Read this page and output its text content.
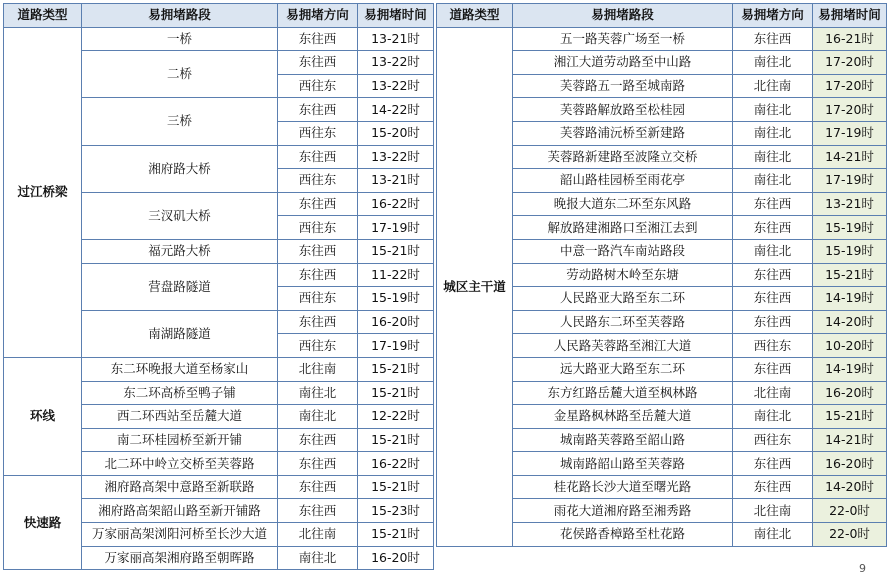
道路类型	易拥堵路段	易拥堵方向	易拥堵时间
过江桥梁	一桥	东往西	13-21时
	二桥	东往西	13-22时
		西往东	13-22时
	三桥	东往西	14-22时
		西往东	15-20时
	湘府路大桥	东往西	13-22时
		西往东	13-21时
	三汊矶大桥	东往西	16-22时
		西往东	17-19时
	福元路大桥	东往西	15-21时
	营盘路隧道	东往西	11-22时
		西往东	15-19时
	南湖路隧道	东往西	16-20时
		西往东	17-19时
环线	东二环晚报大道至杨家山	北往南	15-21时
	东二环高桥至鸭子铺	南往北	15-21时
	西二环西站至岳麓大道	南往北	12-22时
	南二环桂园桥至新开铺	东往西	15-21时
	北二环中岭立交桥至芙蓉路	东往西	16-22时
快速路	湘府路高架中意路至新联路	东往西	15-21时
	湘府路高架韶山路至新开铺路	东往西	15-23时
	万家丽高架浏阳河桥至长沙大道	北往南	15-21时
	万家丽高架湘府路至朝晖路	南往北	16-20时
道路类型	易拥堵路段	易拥堵方向	易拥堵时间
城区主干道	五一路芙蓉广场至一桥	东往西	16-21时
	湘江大道劳动路至中山路	南往北	17-20时
	芙蓉路五一路至城南路	北往南	17-20时
	芙蓉路解放路至松桂园	南往北	17-20时
	芙蓉路浦沅桥至新建路	南往北	17-19时
	芙蓉路新建路至波隆立交桥	南往北	14-21时
	韶山路桂园桥至雨花亭	南往北	17-19时
	晚报大道东二环至东风路	东往西	13-21时
	解放路建湘路口至湘江去到	东往西	15-19时
	中意一路汽车南站路段	南往北	15-19时
	劳动路树木岭至东塘	东往西	15-21时
	人民路亚大路至东二环	东往西	14-19时
	人民路东二环至芙蓉路	东往西	14-20时
	人民路芙蓉路至湘江大道	西往东	10-20时
	远大路亚大路至东二环	东往西	14-19时
	东方红路岳麓大道至枫林路	北往南	16-20时
	金星路枫林路至岳麓大道	南往北	15-21时
	城南路芙蓉路至韶山路	西往东	14-21时
	城南路韶山路至芙蓉路	东往西	16-20时
	桂花路长沙大道至曙光路	东往西	14-20时
	雨花大道湘府路至湘秀路	北往南	22-0时
	花侯路香樟路至杜花路	南往北	22-0时
9
